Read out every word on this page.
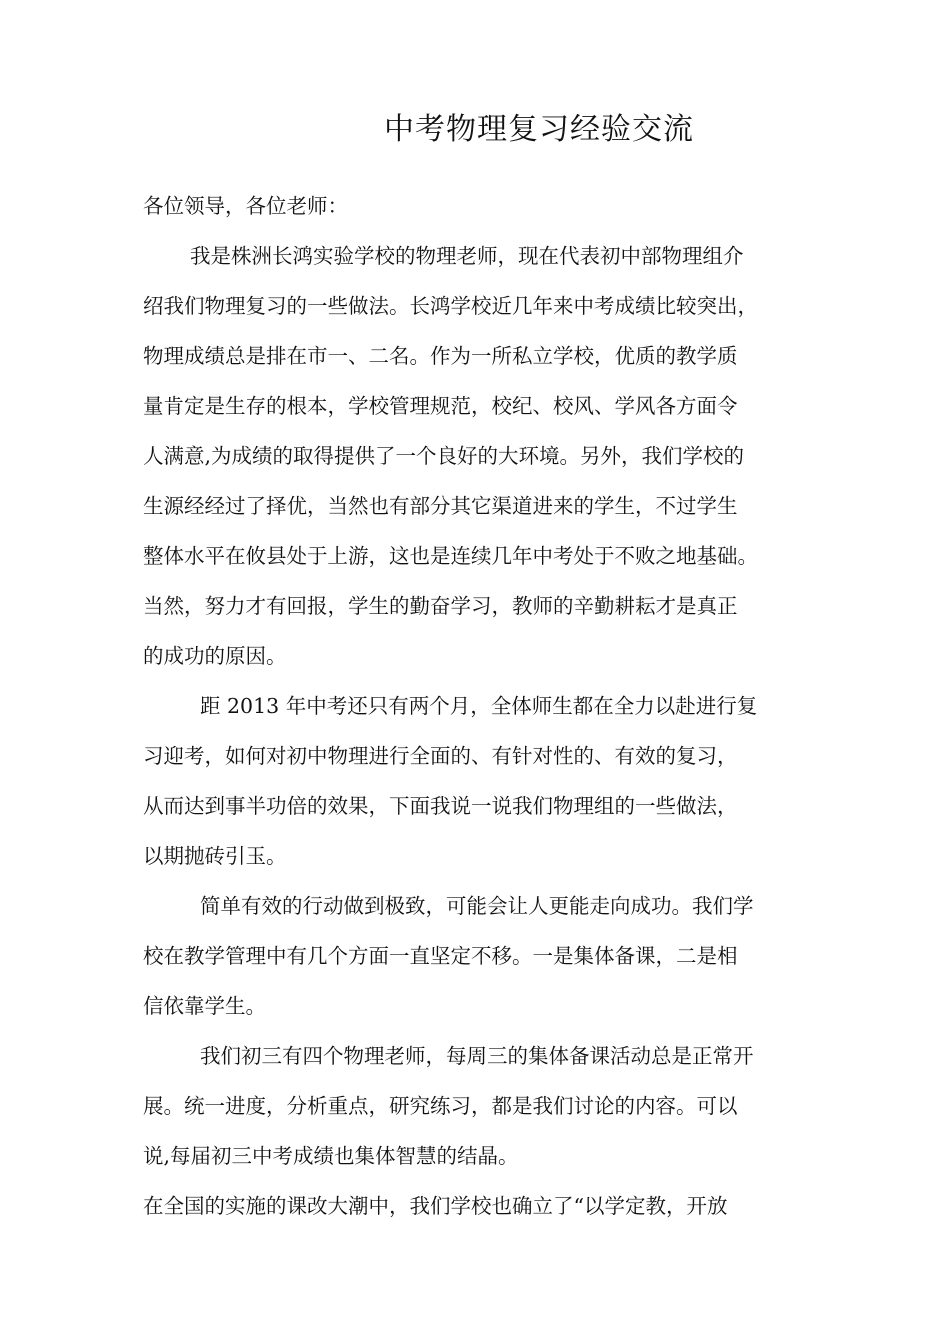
中考物理复习经验交流
各位领导，各位老师：
我是株洲长鸿实验学校的物理老师，现在代表初中部物理组介
绍我们物理复习的一些做法。长鸿学校近几年来中考成绩比较突出，
物理成绩总是排在市一、二名。作为一所私立学校，优质的教学质
量肯定是生存的根本，学校管理规范，校纪、校风、学风各方面令
人满意,为成绩的取得提供了一个良好的大环境。另外，我们学校的
生源经经过了择优，当然也有部分其它渠道进来的学生，不过学生
整体水平在攸县处于上游，这也是连续几年中考处于不败之地基础。
当然，努力才有回报，学生的勤奋学习，教师的辛勤耕耘才是真正
的成功的原因。
距 2013 年中考还只有两个月，全体师生都在全力以赴进行复
习迎考，如何对初中物理进行全面的、有针对性的、有效的复习，
从而达到事半功倍的效果，下面我说一说我们物理组的一些做法，
以期抛砖引玉。
简单有效的行动做到极致，可能会让人更能走向成功。我们学
校在教学管理中有几个方面一直坚定不移。一是集体备课，二是相
信依靠学生。
我们初三有四个物理老师，每周三的集体备课活动总是正常开
展。统一进度，分析重点，研究练习，都是我们讨论的内容。可以
说,每届初三中考成绩也集体智慧的结晶。
在全国的实施的课改大潮中，我们学校也确立了“以学定教，开放
